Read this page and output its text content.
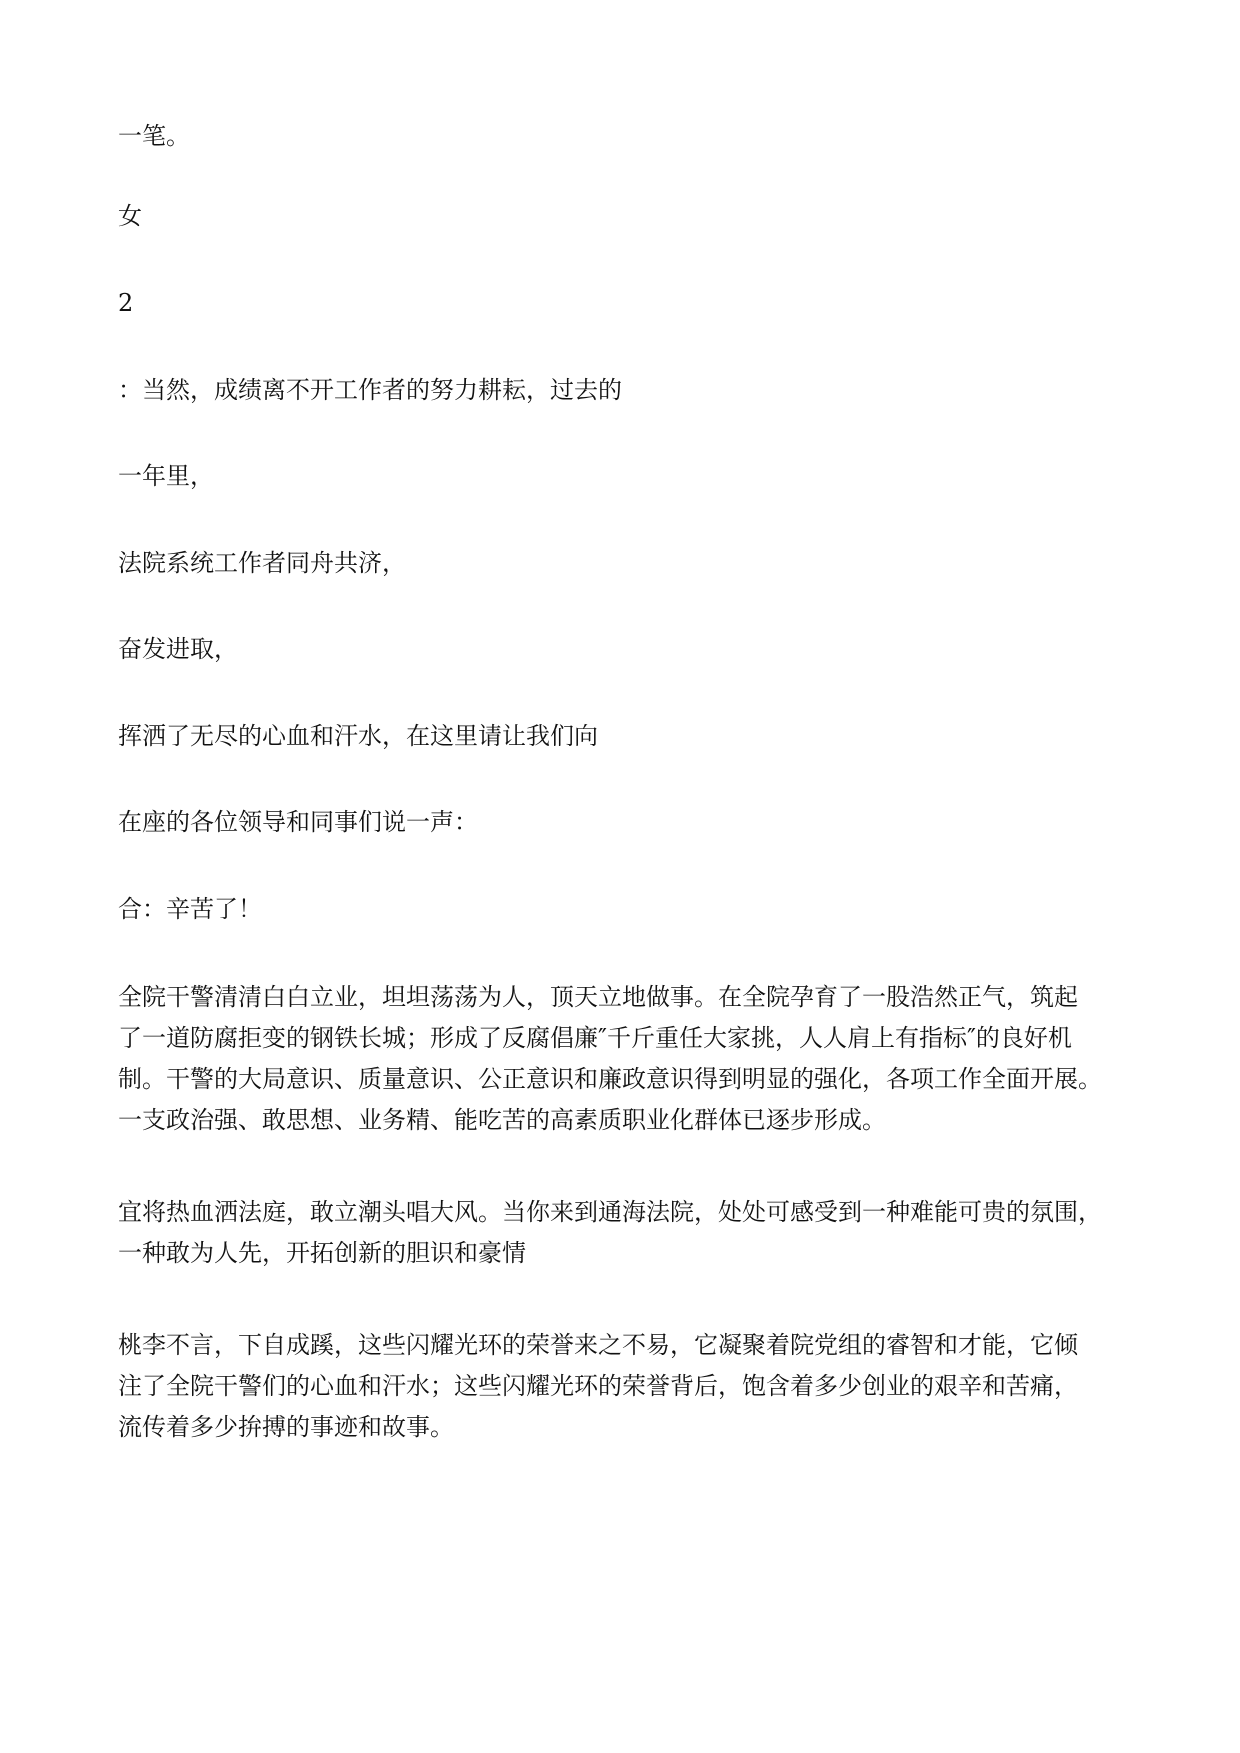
一笔。

女

2

：当然，成绩离不开工作者的努力耕耘，过去的

一年里，

法院系统工作者同舟共济，

奋发进取，

挥洒了无尽的心血和汗水，在这里请让我们向

在座的各位领导和同事们说一声：

合：辛苦了！

全院干警清清白白立业，坦坦荡荡为人，顶天立地做事。在全院孕育了一股浩然正气，筑起
了一道防腐拒变的钢铁长城；形成了反腐倡廉″千斤重任大家挑，人人肩上有指标″的良好机
制。干警的大局意识、质量意识、公正意识和廉政意识得到明显的强化，各项工作全面开展。
一支政治强、敢思想、业务精、能吃苦的高素质职业化群体已逐步形成。
宜将热血洒法庭，敢立潮头唱大风。当你来到通海法院，处处可感受到一种难能可贵的氛围，
一种敢为人先，开拓创新的胆识和豪情
桃李不言，下自成蹊，这些闪耀光环的荣誉来之不易，它凝聚着院党组的睿智和才能，它倾
注了全院干警们的心血和汗水；这些闪耀光环的荣誉背后，饱含着多少创业的艰辛和苦痛，
流传着多少拚搏的事迹和故事。
